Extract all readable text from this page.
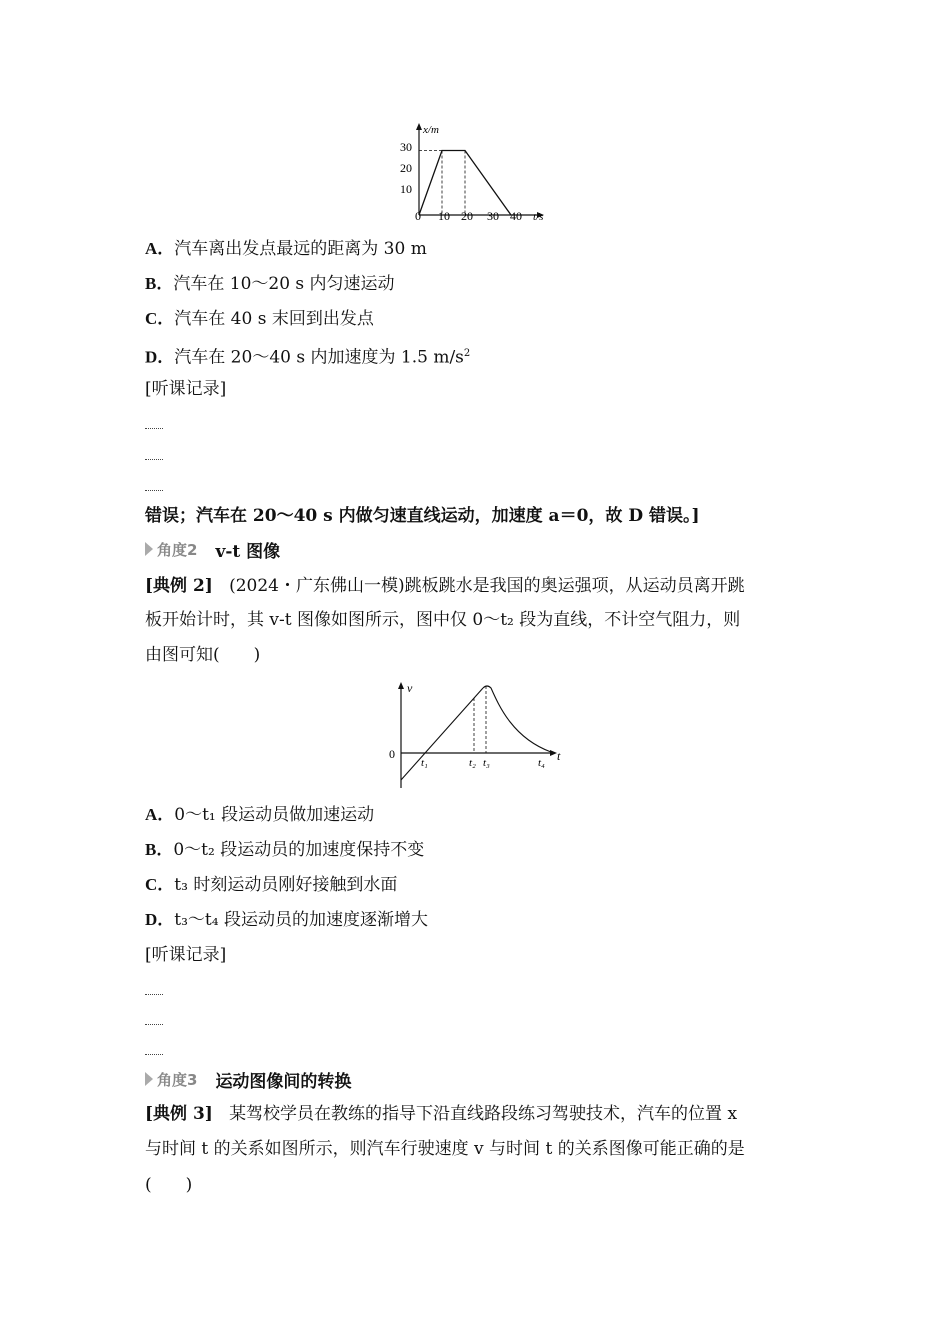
x/m
t/s
30
20
10
0 10 20 30 40
A．汽车离出发点最远的距离为 30 m
B．汽车在 10～20 s 内匀速运动
C．汽车在 40 s 末回到出发点
D．汽车在 20～40 s 内加速度为 1.5 $m/s^2$
[听课记录]
错误；汽车在 20～40 s 内做匀速直线运动，加速度 a＝0，故 D 错误。]
角度2 v-t 图像
[典例 2] (2024・广东佛山一模)跳板跳水是我国的奥运强项，从运动员离开跳
板开始计时，其 v-t 图像如图所示，图中仅 0～t₂ 段为直线，不计空气阻力，则
由图可知(　　)
v
t
0
t₁	t₂ t₃	t₄
A．0～t₁ 段运动员做加速运动
B．0～t₂ 段运动员的加速度保持不变
C．t₃ 时刻运动员刚好接触到水面
D．t₃～t₄ 段运动员的加速度逐渐增大
[听课记录]
角度3 运动图像间的转换
[典例 3] 某驾校学员在教练的指导下沿直线路段练习驾驶技术，汽车的位置 x
与时间 t 的关系如图所示，则汽车行驶速度 v 与时间 t 的关系图像可能正确的是
(　　)
